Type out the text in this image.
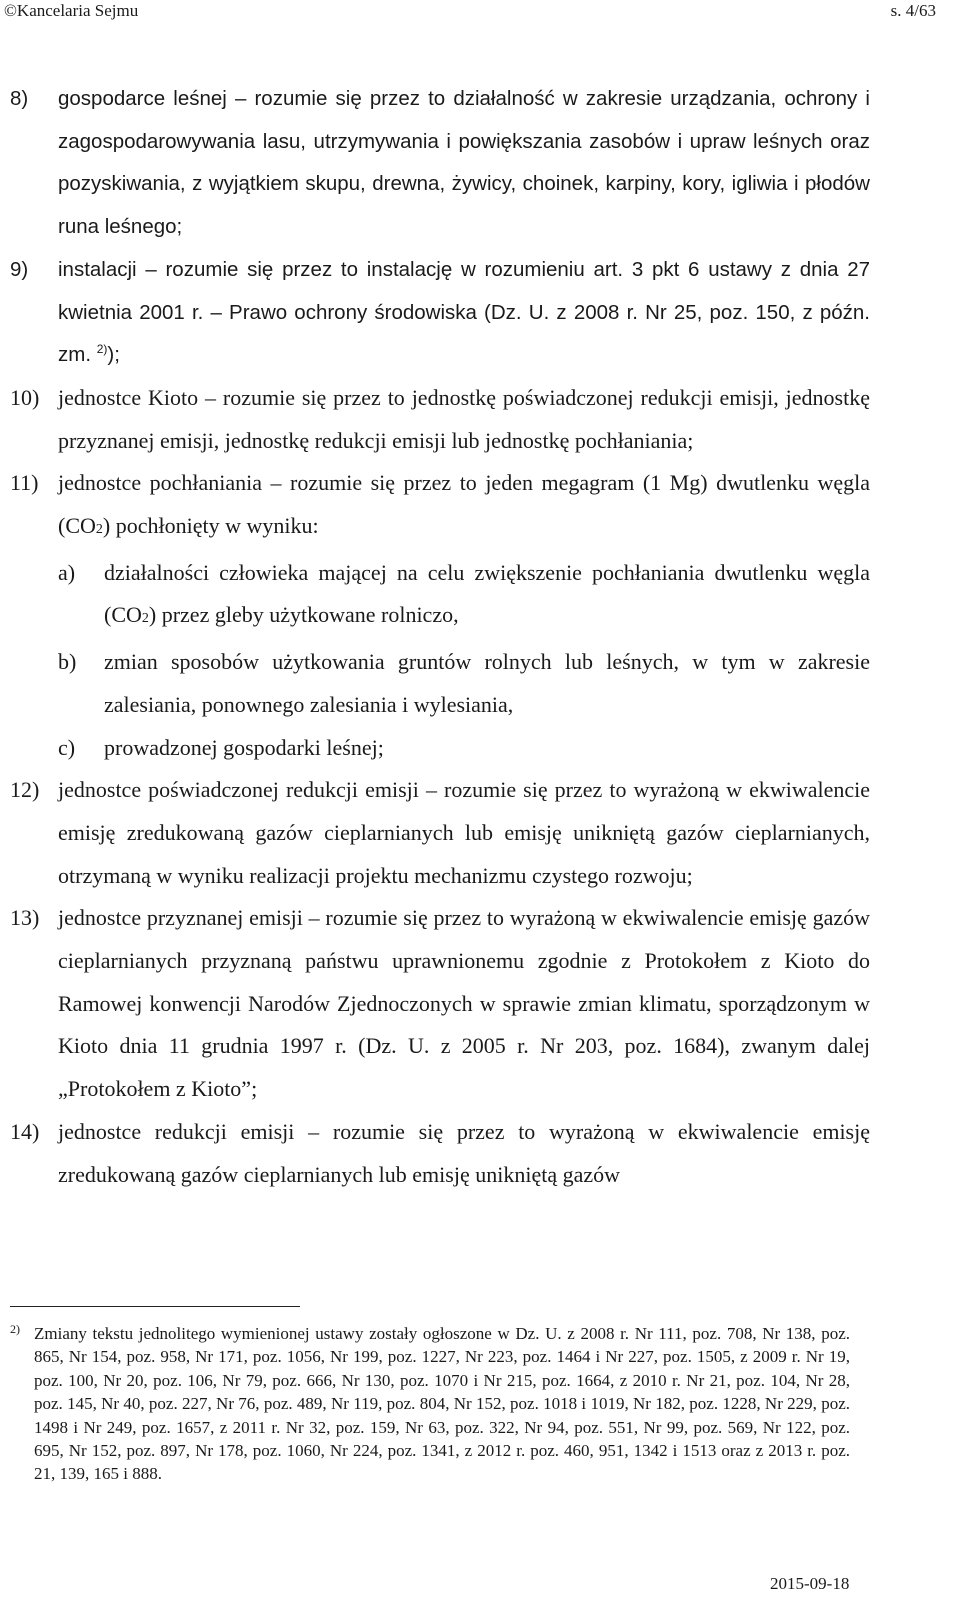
©Kancelaria Sejmu	s. 4/63
8)	gospodarce leśnej – rozumie się przez to działalność w zakresie urządzania, ochrony i zagospodarowywania lasu, utrzymywania i powiększania zasobów i upraw leśnych oraz pozyskiwania, z wyjątkiem skupu, drewna, żywicy, choinek, karpiny, kory, igliwia i płodów runa leśnego;
9)	instalacji – rozumie się przez to instalację w rozumieniu art. 3 pkt 6 ustawy z dnia 27 kwietnia 2001 r. – Prawo ochrony środowiska (Dz. U. z 2008 r. Nr 25, poz. 150, z późn. zm. $^{2)}$);
10) jednostce Kioto – rozumie się przez to jednostkę poświadczonej redukcji emisji, jednostkę przyznanej emisji, jednostkę redukcji emisji lub jednostkę pochłaniania;
11) jednostce pochłaniania – rozumie się przez to jeden megagram (1 Mg) dwutlenku węgla (CO2) pochłonięty w wyniku:
a)	działalności człowieka mającej na celu zwiększenie pochłaniania dwutlenku węgla (CO2) przez gleby użytkowane rolniczo,
b)	zmian sposobów użytkowania gruntów rolnych lub leśnych, w tym w zakresie zalesiania, ponownego zalesiania i wylesiania,
c)	prowadzonej gospodarki leśnej;
12) jednostce poświadczonej redukcji emisji – rozumie się przez to wyrażoną w ekwiwalencie emisję zredukowaną gazów cieplarnianych lub emisję unikniętą gazów cieplarnianych, otrzymaną w wyniku realizacji projektu mechanizmu czystego rozwoju;
13) jednostce przyznanej emisji – rozumie się przez to wyrażoną w ekwiwalencie emisję gazów cieplarnianych przyznaną państwu uprawnionemu zgodnie z Protokołem z Kioto do Ramowej konwencji Narodów Zjednoczonych w sprawie zmian klimatu, sporządzonym w Kioto dnia 11 grudnia 1997 r. (Dz. U. z 2005 r. Nr 203, poz. 1684), zwanym dalej „Protokołem z Kioto”;
14) jednostce redukcji emisji – rozumie się przez to wyrażoną w ekwiwalencie emisję zredukowaną gazów cieplarnianych lub emisję unikniętą gazów
2) Zmiany tekstu jednolitego wymienionej ustawy zostały ogłoszone w Dz. U. z 2008 r. Nr 111, poz. 708, Nr 138, poz. 865, Nr 154, poz. 958, Nr 171, poz. 1056, Nr 199, poz. 1227, Nr 223, poz. 1464 i Nr 227, poz. 1505, z 2009 r. Nr 19, poz. 100, Nr 20, poz. 106, Nr 79, poz. 666, Nr 130, poz. 1070 i Nr 215, poz. 1664, z 2010 r. Nr 21, poz. 104, Nr 28, poz. 145, Nr 40, poz. 227, Nr 76, poz. 489, Nr 119, poz. 804, Nr 152, poz. 1018 i 1019, Nr 182, poz. 1228, Nr 229, poz. 1498 i Nr 249, poz. 1657, z 2011 r. Nr 32, poz. 159, Nr 63, poz. 322, Nr 94, poz. 551, Nr 99, poz. 569, Nr 122, poz. 695, Nr 152, poz. 897, Nr 178, poz. 1060, Nr 224, poz. 1341, z 2012 r. poz. 460, 951, 1342 i 1513 oraz z 2013 r. poz. 21, 139, 165 i 888.
2015-09-18
